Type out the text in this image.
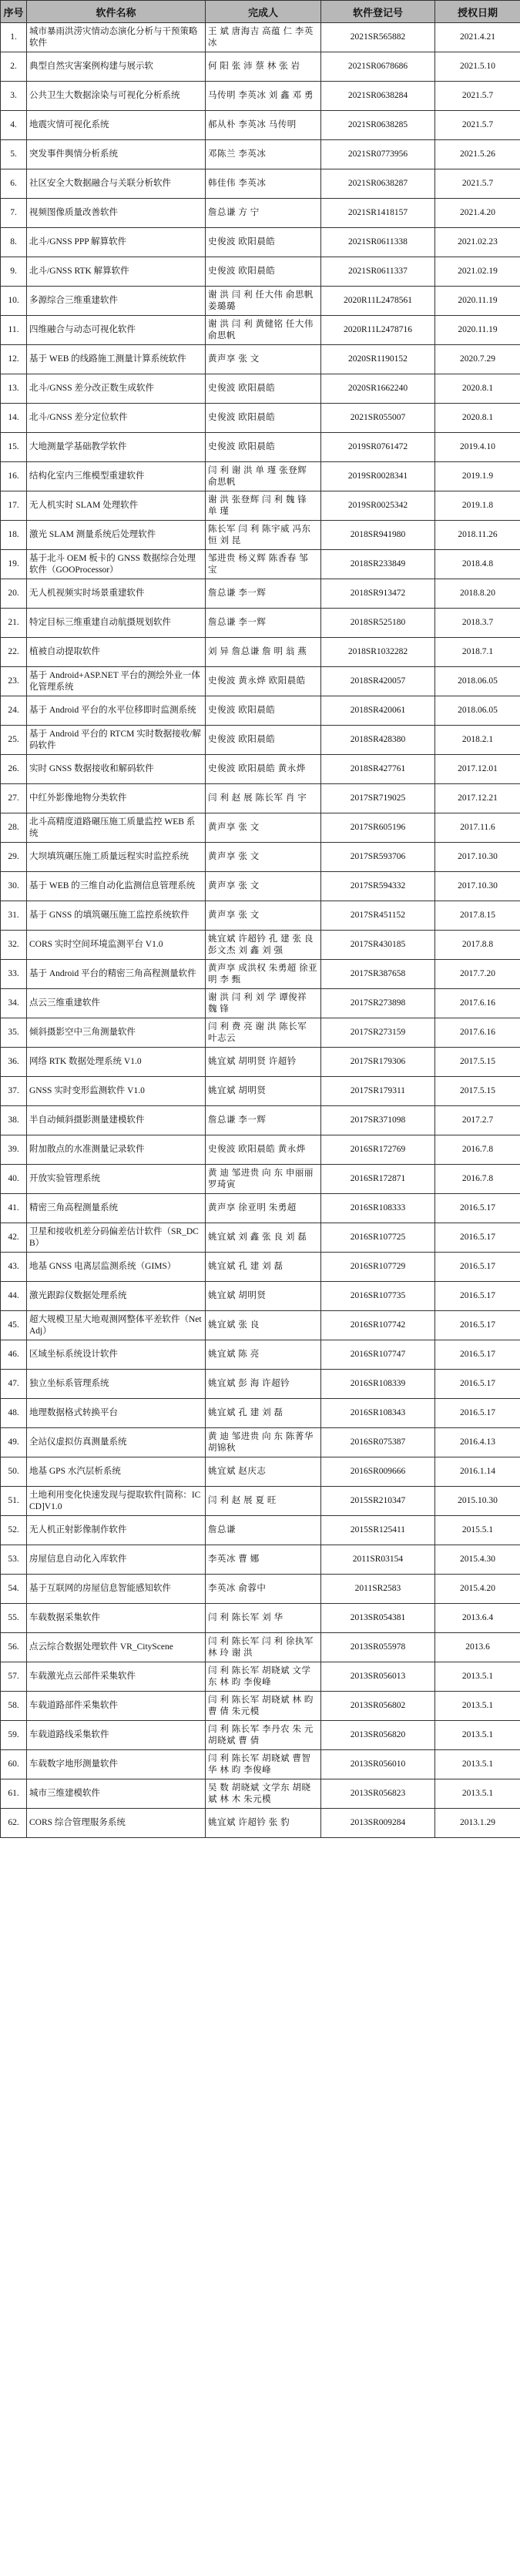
序号	软件名称	完成人	软件登记号	授权日期
1.	城市暴雨洪涝灾情动态演化分析与干预策略软件	王 斌 唐海吉 高蕴 仁 李英冰	2021SR565882	2021.4.21
2.	典型自然灾害案例构建与展示软	何 阳 张 沛 蔡 林 张 岩	2021SR0678686	2021.5.10
3.	公共卫生大数据涂染与可视化分析系统	马传明 李英冰 刘 鑫 邓 勇	2021SR0638284	2021.5.7
4.	地震灾情可视化系统	郝从朴 李英冰 马传明	2021SR0638285	2021.5.7
5.	突发事件舆情分析系统	邓陈兰 李英冰	2021SR0773956	2021.5.26
6.	社区安全大数据融合与关联分析软件	韩佳伟 李英冰	2021SR0638287	2021.5.7
7.	视频图像质量改善软件	詹总谦 方 宁	2021SR1418157	2021.4.20
8.	北斗/GNSS PPP 解算软件	史俊波 欧阳晨皓	2021SR0611338	2021.02.23
9.	北斗/GNSS RTK 解算软件	史俊波 欧阳晨皓	2021SR0611337	2021.02.19
10.	多源综合三维重建软件	谢 洪 闫 利 任大伟 俞思帆 姜璐璐	2020R11L2478561	2020.11.19
11.	四维融合与动态可视化软件	谢 洪 闫 利 黄健铭 任大伟 俞思帆	2020R11L2478716	2020.11.19
12.	基于 WEB 的线路施工测量计算系统软件	黄声享 张 文	2020SR1190152	2020.7.29
13.	北斗/GNSS 差分改正数生成软件	史俊波 欧阳晨皓	2020SR1662240	2020.8.1
14.	北斗/GNSS 差分定位软件	史俊波 欧阳晨皓	2021SR055007	2020.8.1
15.	大地测量学基础教学软件	史俊波 欧阳晨皓	2019SR0761472	2019.4.10
16.	结构化室内三维模型重建软件	闫 利 谢 洪 单 瑾 张登辉 俞思帆	2019SR0028341	2019.1.9
17.	无人机实时 SLAM 处理软件	谢 洪 张登辉 闫 利 魏 锋 单 瑾	2019SR0025342	2019.1.8
18.	激光 SLAM 测量系统后处理软件	陈长军 闫 利 陈宇威 冯东恒 刘 昆	2018SR941980	2018.11.26
19.	基于北斗 OEM 板卡的 GNSS 数据综合处理软件（GOOProcessor）	邹进贵 杨义辉 陈香春 邹 宝	2018SR233849	2018.4.8
20.	无人机视频实时场景重建软件	詹总谦 李一辉	2018SR913472	2018.8.20
21.	特定目标三维重建自动航摄规划软件	詹总谦 李一辉	2018SR525180	2018.3.7
22.	植被自动提取软件	刘 异 詹总谦 詹 明 翁 燕	2018SR1032282	2018.7.1
23.	基于 Android+ASP.NET 平台的测绘外业一体化管理系统	史俊波 黄永烨 欧阳晨皓	2018SR420057	2018.06.05
24.	基于 Android 平台的水平位移即时监测系统	史俊波 欧阳晨皓	2018SR420061	2018.06.05
25.	基于 Android 平台的 RTCM 实时数据接收/解码软件	史俊波 欧阳晨皓	2018SR428380	2018.2.1
26.	实时 GNSS 数据接收和解码软件	史俊波 欧阳晨皓 黄永烨	2018SR427761	2017.12.01
27.	中红外影像地物分类软件	闫 利 赵 展 陈长军 肖 宇	2017SR719025	2017.12.21
28.	北斗高精度道路碾压施工质量监控 WEB 系统	黄声享 张 文	2017SR605196	2017.11.6
29.	大坝填筑碾压施工质量远程实时监控系统	黄声享 张 文	2017SR593706	2017.10.30
30.	基于 WEB 的三维自动化监测信息管理系统	黄声享 张 文	2017SR594332	2017.10.30
31.	基于 GNSS 的填筑碾压施工监控系统软件	黄声享 张 文	2017SR451152	2017.8.15
32.	CORS 实时空间环境监测平台 V1.0	姚宜斌 许超钤 孔 建 张 良 彭文杰 刘 鑫 刘 强	2017SR430185	2017.8.8
33.	基于 Android 平台的精密三角高程测量软件	黄声享 成洪权 朱勇超 徐亚明 李 甄	2017SR387658	2017.7.20
34.	点云三维重建软件	谢 洪 闫 利 刘 学 谭俊祥 魏 锋	2017SR273898	2017.6.16
35.	倾斜摄影空中三角测量软件	闫 利 费 亮 谢 洪 陈长军 叶志云	2017SR273159	2017.6.16
36.	网络 RTK 数据处理系统 V1.0	姚宜斌 胡明贤 许超钤	2017SR179306	2017.5.15
37.	GNSS 实时变形监测软件 V1.0	姚宜斌 胡明贤	2017SR179311	2017.5.15
38.	半自动倾斜摄影测量建模软件	詹总谦 李一辉	2017SR371098	2017.2.7
39.	附加散点的水准测量记录软件	史俊波 欧阳晨皓 黄永烨	2016SR172769	2016.7.8
40.	开放实验管理系统	黄 迪 邹进贵 向 东 申丽丽 罗琦寅	2016SR172871	2016.7.8
41.	精密三角高程测量系统	黄声享 徐亚明 朱勇超	2016SR108333	2016.5.17
42.	卫星和接收机差分码偏差估计软件（SR_DCB）	姚宜斌 刘 鑫 张 良 刘 磊	2016SR107725	2016.5.17
43.	地基 GNSS 电离层监测系统（GIMS）	姚宜斌 孔 建 刘 磊	2016SR107729	2016.5.17
44.	激光跟踪仪数据处理系统	姚宜斌 胡明贤	2016SR107735	2016.5.17
45.	超大规模卫星大地观测网整体平差软件（NetAdj）	姚宜斌 张 良	2016SR107742	2016.5.17
46.	区域坐标系统设计软件	姚宜斌 陈 亮	2016SR107747	2016.5.17
47.	独立坐标系管理系统	姚宜斌 彭 海 许超钤	2016SR108339	2016.5.17
48.	地理数据格式转换平台	姚宜斌 孔 建 刘 磊	2016SR108343	2016.5.17
49.	全站仪虚拟仿真测量系统	黄 迪 邹进贵 向 东 陈菁华 胡锦秋	2016SR075387	2016.4.13
50.	地基 GPS 水汽层析系统	姚宜斌 赵庆志	2016SR009666	2016.1.14
51.	土地利用变化快速发现与提取软件[简称：ICCD]V1.0	闫 利 赵 展 夏 旺	2015SR210347	2015.10.30
52.	无人机正射影像制作软件	詹总谦	2015SR125411	2015.5.1
53.	房屋信息自动化入库软件	李英冰 曹 娜	2011SR03154	2015.4.30
54.	基于互联网的房屋信息智能感知软件	李英冰 俞蓉中	2011SR2583	2015.4.20
55.	车载数据采集软件	闫 利 陈长军 刘 华	2013SR054381	2013.6.4
56.	点云综合数据处理软件 VR_CityScene	闫 利 陈长军 闫 利 徐执军 林 玲 谢 洪	2013SR055978	2013.6
57.	车载激光点云部件采集软件	闫 利 陈长军 胡晓斌 文学东 林 昀 李俊峰	2013SR056013	2013.5.1
58.	车载道路部件采集软件	闫 利 陈长军 胡晓斌 林 昀 曹 倩 朱元模	2013SR056802	2013.5.1
59.	车载道路线采集软件	闫 利 陈长军 李丹农 朱 元 胡晓斌 曹 倩	2013SR056820	2013.5.1
60.	车载数字地形测量软件	闫 利 陈长军 胡晓斌 曹智华 林 昀 李俊峰	2013SR056010	2013.5.1
61.	城市三维建模软件	吴 数 胡晓斌 文学东 胡晓斌 林 木 朱元模	2013SR056823	2013.5.1
62.	CORS 综合管理服务系统	姚宜斌 许超钤 张 豹	2013SR009284	2013.1.29
